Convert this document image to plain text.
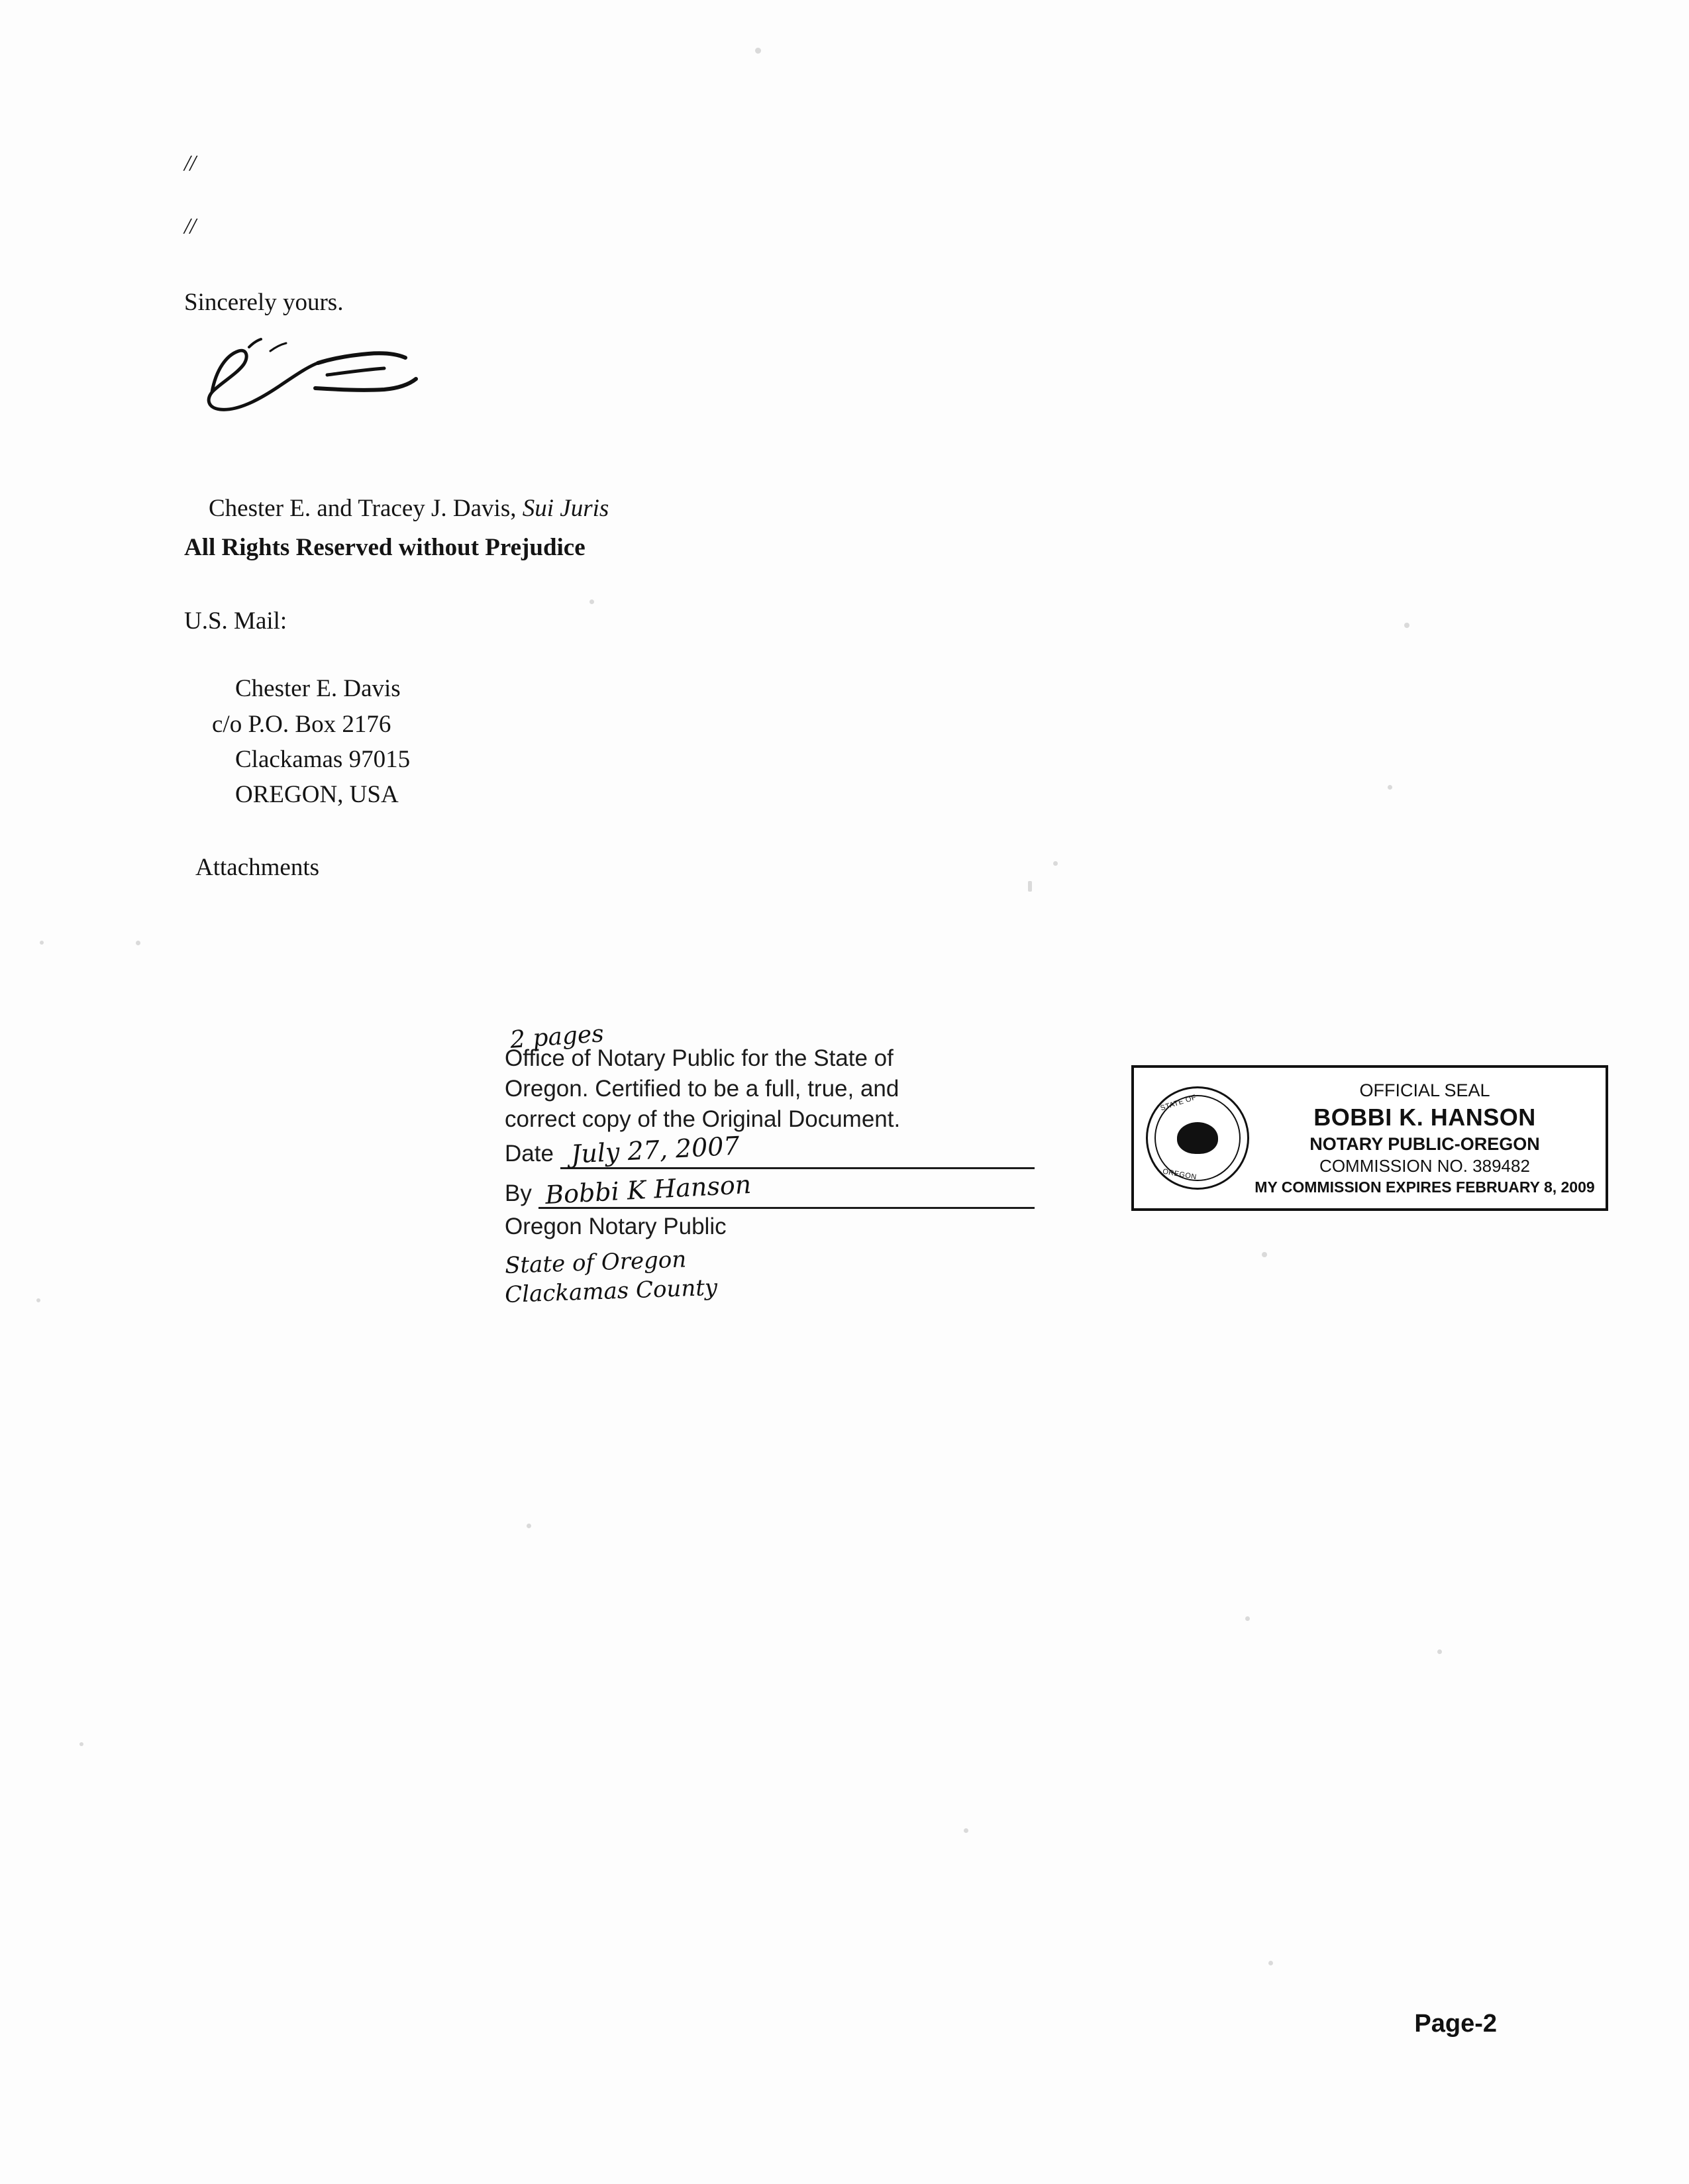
//
//
Sincerely yours.

Chester E. and Tracey J. Davis, Sui Juris

All Rights Reserved without Prejudice
U.S. Mail:
Chester E. Davis
c/o P.O. Box 2176
Clackamas 97015
OREGON, USA
Attachments
2 pages
Office of Notary Public for the State of
Oregon. Certified to be a full, true, and
correct copy of the Original Document.
Date July 27, 2007
By Bobbi K Hanson
Oregon Notary Public
State of Oregon
Clackamas County
STATE OF
OREGON
OFFICIAL SEAL
BOBBI K. HANSON
NOTARY PUBLIC-OREGON
COMMISSION NO. 389482
MY COMMISSION EXPIRES FEBRUARY 8, 2009
Page-2
